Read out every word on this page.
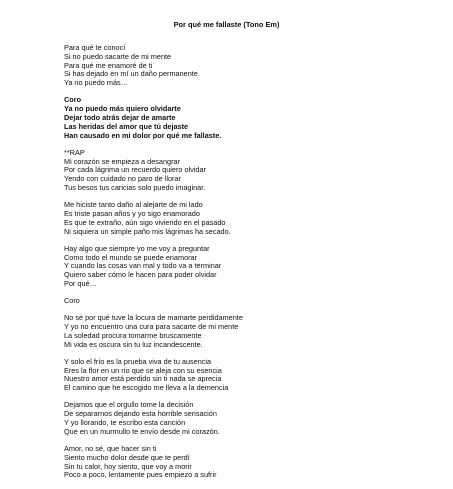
Por qué me fallaste (Tono Em)
Para qué te conocí
Si no puedo sacarte de mi mente
Para qué me enamoré de ti
Si has dejado en mí un daño permanente.
Ya no puedo más…
Coro
Ya no puedo más quiero olvidarte
Dejar todo atrás dejar de amarte
Las heridas del amor que tú dejaste
Han causado en mi dolor por qué me fallaste.
**RAP
Mi corazón se empieza a desangrar
Por cada lágrima un recuerdo quiero olvidar
Yendo con cuidado no paro de llorar
Tus besos tus caricias solo puedo imaginar.
Me hiciste tanto daño al alejarte de mi lado
Es triste pasan años y yo sigo enamorado
Es que te extraño, aún sigo viviendo en el pasado
Ni siquiera un simple paño mis lágrimas ha secado.
Hay algo que siempre yo me voy a preguntar
Como todo el mundo se puede enamorar
Y cuando las cosas van mal y todo va a terminar
Quiero saber cómo le hacen para poder olvidar
Por qué…
Coro
No sé por qué tuve la locura de mamarte perdidamente
Y yo no encuentro una cura para sacarte de mi mente
La soledad procura tomarme bruscamente
Mi vida es oscura sin tu luz incandescente.
Y solo el frío es la prueba viva de tu ausencia
Eres la flor en un río que se aleja con su esencia
Nuestro amor está perdido sin ti nada se aprecia
El camino que he escogido me lleva a la demencia
Dejamos que el orgullo tome la decisión
De separarnos dejando esta horrible sensación
Y yo llorando, te escribo esta canción
Que en un murmullo te envío desde mi corazón.
Amor, no sé, que hacer sin ti
Siento mucho dolor desde que te perdí
Sin tu calor, hoy siento, que voy a morir
Poco a poco, lentamente pues empiezo a sufrir
